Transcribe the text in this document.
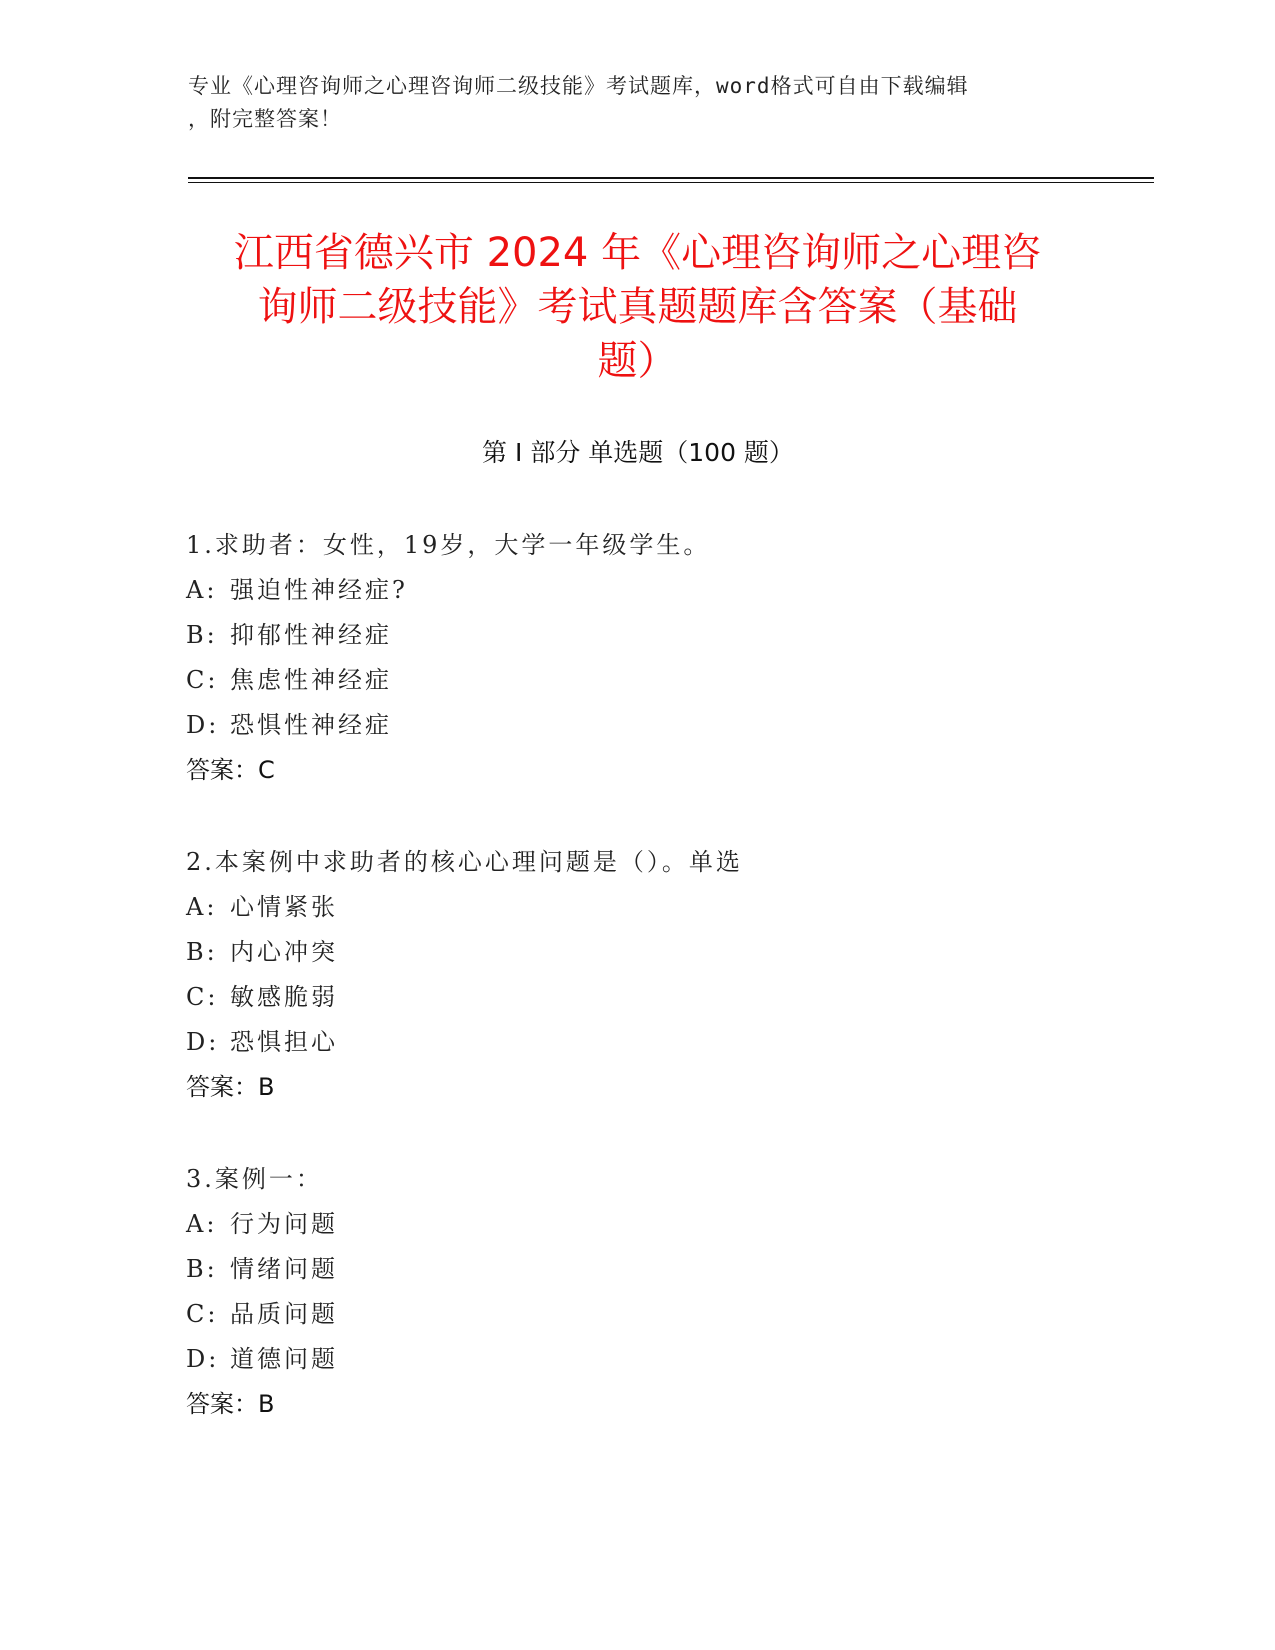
专业《心理咨询师之心理咨询师二级技能》考试题库，word格式可自由下载编辑
，附完整答案！
江西省德兴市 2024 年《心理咨询师之心理咨
询师二级技能》考试真题题库含答案（基础
题）
第 I 部分 单选题（100 题）
1.求助者：女性，19岁，大学一年级学生。
A: 强迫性神经症?
B: 抑郁性神经症
C: 焦虑性神经症
D: 恐惧性神经症
答案：C
2.本案例中求助者的核心心理问题是（）。单选
A: 心情紧张
B: 内心冲突
C: 敏感脆弱
D: 恐惧担心
答案：B
3.案例一：
A: 行为问题
B: 情绪问题
C: 品质问题
D: 道德问题
答案：B
